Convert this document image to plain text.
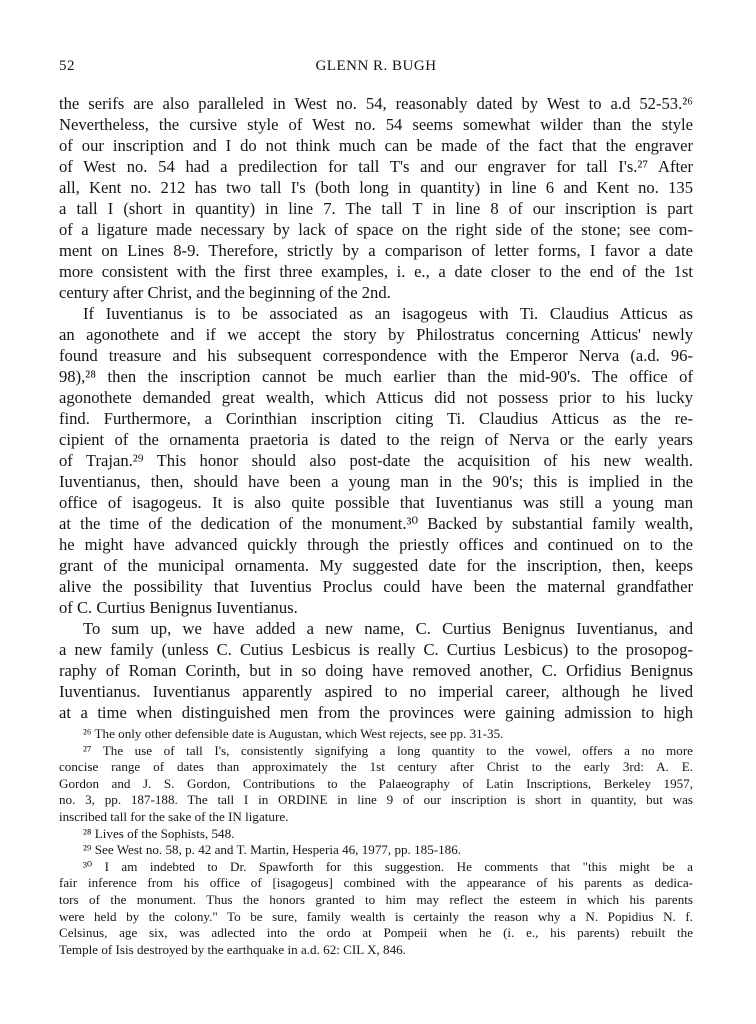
52	GLENN R. BUGH
the serifs are also paralleled in West no. 54, reasonably dated by West to a.d 52-53.²⁶
Nevertheless, the cursive style of West no. 54 seems somewhat wilder than the style
of our inscription and I do not think much can be made of the fact that the engraver
of West no. 54 had a predilection for tall T's and our engraver for tall I's.²⁷ After
all, Kent no. 212 has two tall I's (both long in quantity) in line 6 and Kent no. 135
a tall I (short in quantity) in line 7. The tall T in line 8 of our inscription is part
of a ligature made necessary by lack of space on the right side of the stone; see com-
ment on Lines 8-9. Therefore, strictly by a comparison of letter forms, I favor a date
more consistent with the first three examples, i. e., a date closer to the end of the 1st
century after Christ, and the beginning of the 2nd.
If Iuventianus is to be associated as an isagogeus with Ti. Claudius Atticus as
an agonothete and if we accept the story by Philostratus concerning Atticus' newly
found treasure and his subsequent correspondence with the Emperor Nerva (a.d. 96-
98),²⁸ then the inscription cannot be much earlier than the mid-90's. The office of
agonothete demanded great wealth, which Atticus did not possess prior to his lucky
find. Furthermore, a Corinthian inscription citing Ti. Claudius Atticus as the re-
cipient of the ornamenta praetoria is dated to the reign of Nerva or the early years
of Trajan.²⁹ This honor should also post-date the acquisition of his new wealth.
Iuventianus, then, should have been a young man in the 90's; this is implied in the
office of isagogeus. It is also quite possible that Iuventianus was still a young man
at the time of the dedication of the monument.³⁰ Backed by substantial family wealth,
he might have advanced quickly through the priestly offices and continued on to the
grant of the municipal ornamenta. My suggested date for the inscription, then, keeps
alive the possibility that Iuventius Proclus could have been the maternal grandfather
of C. Curtius Benignus Iuventianus.
To sum up, we have added a new name, C. Curtius Benignus Iuventianus, and
a new family (unless C. Cutius Lesbicus is really C. Curtius Lesbicus) to the prosopog-
raphy of Roman Corinth, but in so doing have removed another, C. Orfidius Benignus
Iuventianus. Iuventianus apparently aspired to no imperial career, although he lived
at a time when distinguished men from the provinces were gaining admission to high
²⁶ The only other defensible date is Augustan, which West rejects, see pp. 31-35.
²⁷ The use of tall I's, consistently signifying a long quantity to the vowel, offers a no more
concise range of dates than approximately the 1st century after Christ to the early 3rd: A. E.
Gordon and J. S. Gordon, Contributions to the Palaeography of Latin Inscriptions, Berkeley 1957,
no. 3, pp. 187-188. The tall I in ORDINE in line 9 of our inscription is short in quantity, but was
inscribed tall for the sake of the IN ligature.
²⁸ Lives of the Sophists, 548.
²⁹ See West no. 58, p. 42 and T. Martin, Hesperia 46, 1977, pp. 185-186.
³⁰ I am indebted to Dr. Spawforth for this suggestion. He comments that "this might be a
fair inference from his office of [isagogeus] combined with the appearance of his parents as dedica-
tors of the monument. Thus the honors granted to him may reflect the esteem in which his parents
were held by the colony." To be sure, family wealth is certainly the reason why a N. Popidius N. f.
Celsinus, age six, was adlected into the ordo at Pompeii when he (i. e., his parents) rebuilt the
Temple of Isis destroyed by the earthquake in a.d. 62: CIL X, 846.
